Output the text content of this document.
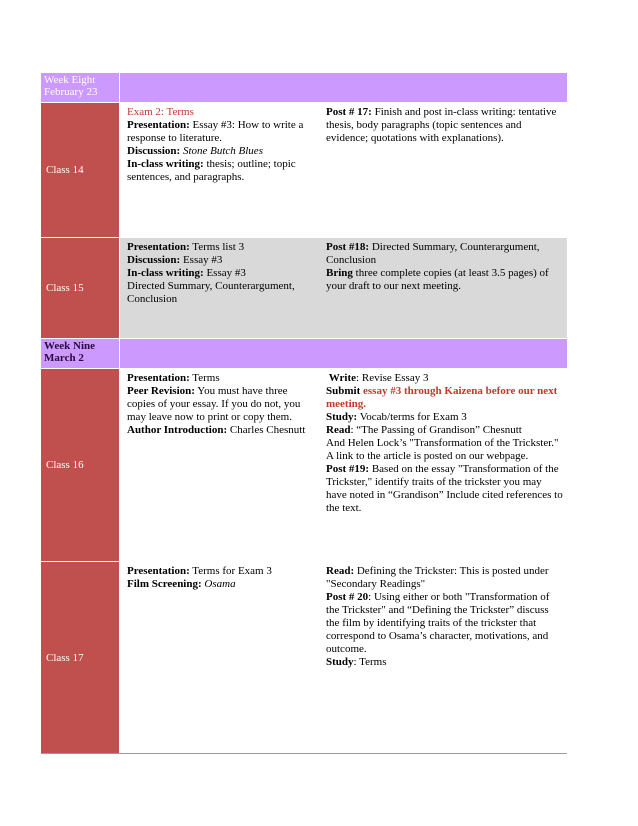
Week Eight
February 23
Class 14

Exam 2: Terms

Presentation: Essay #3: How to write a response to literature.

Discussion: Stone Butch Blues

In-class writing: thesis; outline; topic sentences, and paragraphs.

Post # 17: Finish and post in-class writing: tentative thesis, body paragraphs (topic sentences and evidence; quotations with explanations).

Class 15

Presentation: Terms list 3

Discussion: Essay #3

In-class writing: Essay #3

Directed Summary, Counterargument, Conclusion

Post #18: Directed Summary, Counterargument, Conclusion

Bring three complete copies (at least 3.5 pages) of your draft to our next meeting.

Week Nine
March 2
Class 16

Presentation: Terms

Peer Revision: You must have three copies of your essay. If you do not, you may leave now to print or copy them.

Author Introduction: Charles Chesnutt

Write: Revise Essay 3

Submit essay #3 through Kaizena before our next meeting.

Study: Vocab/terms for Exam 3

Read: “The Passing of Grandison” Chesnutt

And Helen Lock’s "Transformation of the Trickster." A link to the article is posted on our webpage.

Post #19: Based on the essay "Transformation of the Trickster," identify traits of the trickster you may have noted in “Grandison” Include cited references to the text.

Class 17

Presentation: Terms for Exam 3

Film Screening: Osama

Read: Defining the Trickster: This is posted under "Secondary Readings"

Post # 20: Using either or both "Transformation of the Trickster" and “Defining the Trickster” discuss the film by identifying traits of the trickster that correspond to Osama’s character, motivations, and outcome.

Study: Terms
